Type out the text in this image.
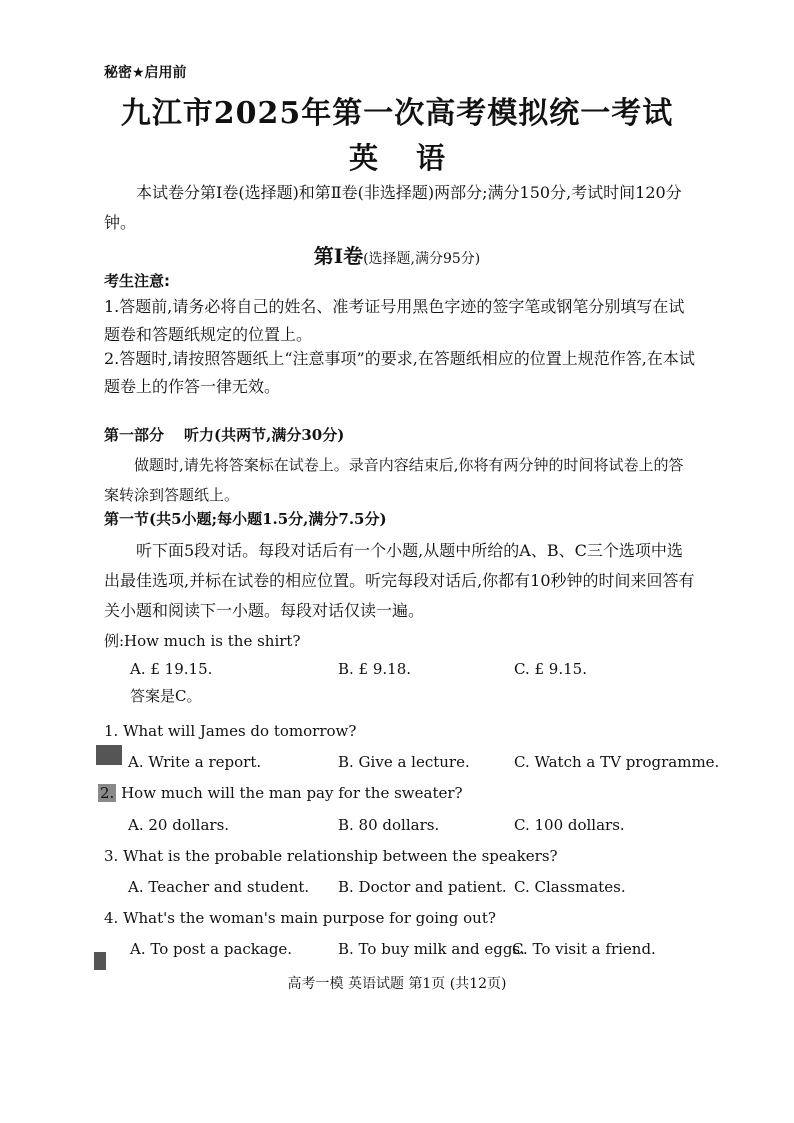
秘密★启用前
九江市2025年第一次高考模拟统一考试
英语
本试卷分第Ⅰ卷(选择题)和第Ⅱ卷(非选择题)两部分;满分150分,考试时间120分钟。
第Ⅰ卷(选择题,满分95分)
考生注意:
1.答题前,请务必将自己的姓名、准考证号用黑色字迹的签字笔或钢笔分别填写在试题卷和答题纸规定的位置上。
2.答题时,请按照答题纸上“注意事项”的要求,在答题纸相应的位置上规范作答,在本试题卷上的作答一律无效。
第一部分 听力(共两节,满分30分)
做题时,请先将答案标在试卷上。录音内容结束后,你将有两分钟的时间将试卷上的答案转涂到答题纸上。
第一节(共5小题;每小题1.5分,满分7.5分)
听下面5段对话。每段对话后有一个小题,从题中所给的A、B、C三个选项中选出最佳选项,并标在试卷的相应位置。听完每段对话后,你都有10秒钟的时间来回答有关小题和阅读下一小题。每段对话仅读一遍。
例:How much is the shirt?
A. £ 19.15.	B. £ 9.18.	C. £ 9.15.
答案是C。
1. What will James do tomorrow?
A. Write a report.	B. Give a lecture.	C. Watch a TV programme.
2. How much will the man pay for the sweater?
A. 20 dollars.	B. 80 dollars.	C. 100 dollars.
3. What is the probable relationship between the speakers?
A. Teacher and student. B. Doctor and patient. C. Classmates.
4. What's the woman's main purpose for going out?
A. To post a package.	B. To buy milk and eggs.
C. To visit a friend.
高考一模 英语试题 第1页 (共12页)
